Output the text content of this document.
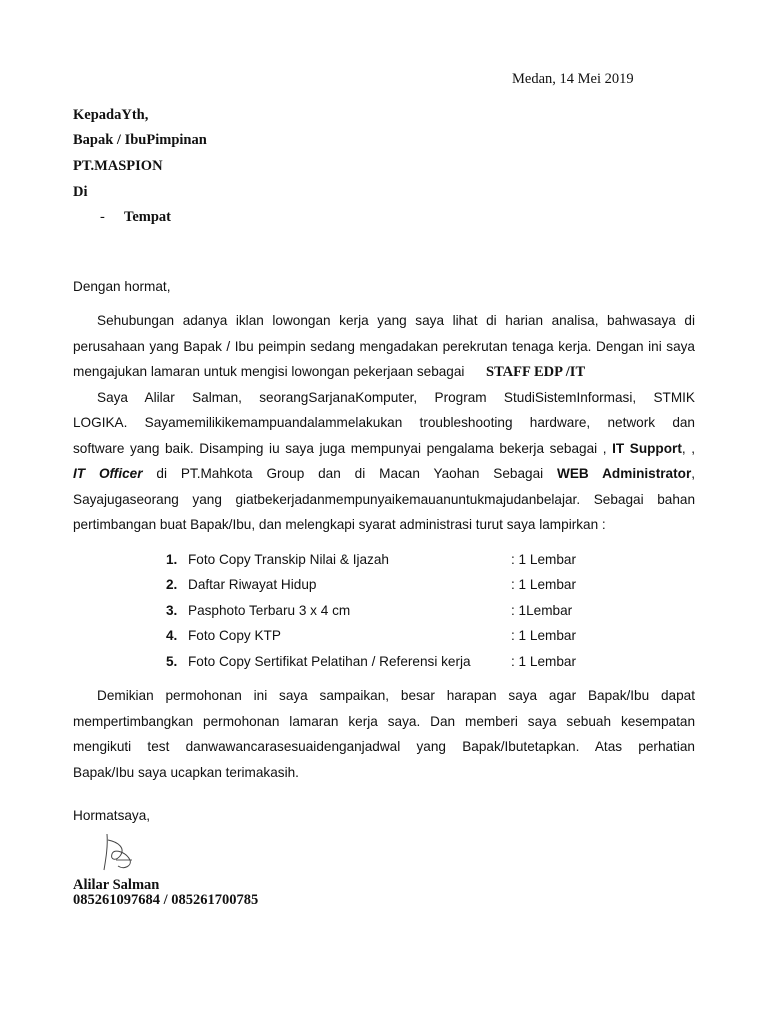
Medan, 14 Mei 2019
KepadaYth,
Bapak / IbuPimpinan
PT.MASPION
Di
- Tempat
Dengan hormat,
Sehubungan adanya iklan lowongan kerja yang saya lihat di harian analisa, bahwasaya di
perusahaan yang Bapak / Ibu peimpin sedang mengadakan perekrutan tenaga kerja. Dengan ini saya
mengajukan lamaran untuk mengisi lowongan pekerjaan sebagai STAFF EDP /IT
Saya Alilar Salman, seorangSarjanaKomputer, Program StudiSistemInformasi, STMIK
LOGIKA. Sayamemilikikemampuandalammelakukan troubleshooting hardware, network dan
software yang baik. Disamping iu saya juga mempunyai pengalama bekerja sebagai , IT Support, ,
IT Officer di PT.Mahkota Group dan di Macan Yaohan Sebagai WEB Administrator,
Sayajugaseorang yang giatbekerjadanmempunyaikemauanuntukmajudanbelajar. Sebagai bahan
pertimbangan buat Bapak/Ibu, dan melengkapi syarat administrasi turut saya lampirkan :
1. Foto Copy Transkip Nilai & Ijazah	: 1 Lembar
2. Daftar Riwayat Hidup	: 1 Lembar
3. Pasphoto Terbaru 3 x 4 cm	: 1Lembar
4. Foto Copy KTP	: 1 Lembar
5. Foto Copy Sertifikat Pelatihan / Referensi kerja	: 1 Lembar
Demikian permohonan ini saya sampaikan, besar harapan saya agar Bapak/Ibu dapat
mempertimbangkan permohonan lamaran kerja saya. Dan memberi saya sebuah kesempatan
mengikuti test danwawancarasesuaidenganjadwal yang Bapak/Ibutetapkan. Atas perhatian
Bapak/Ibu saya ucapkan terimakasih.
Hormatsaya,
Alilar Salman
085261097684 / 085261700785
